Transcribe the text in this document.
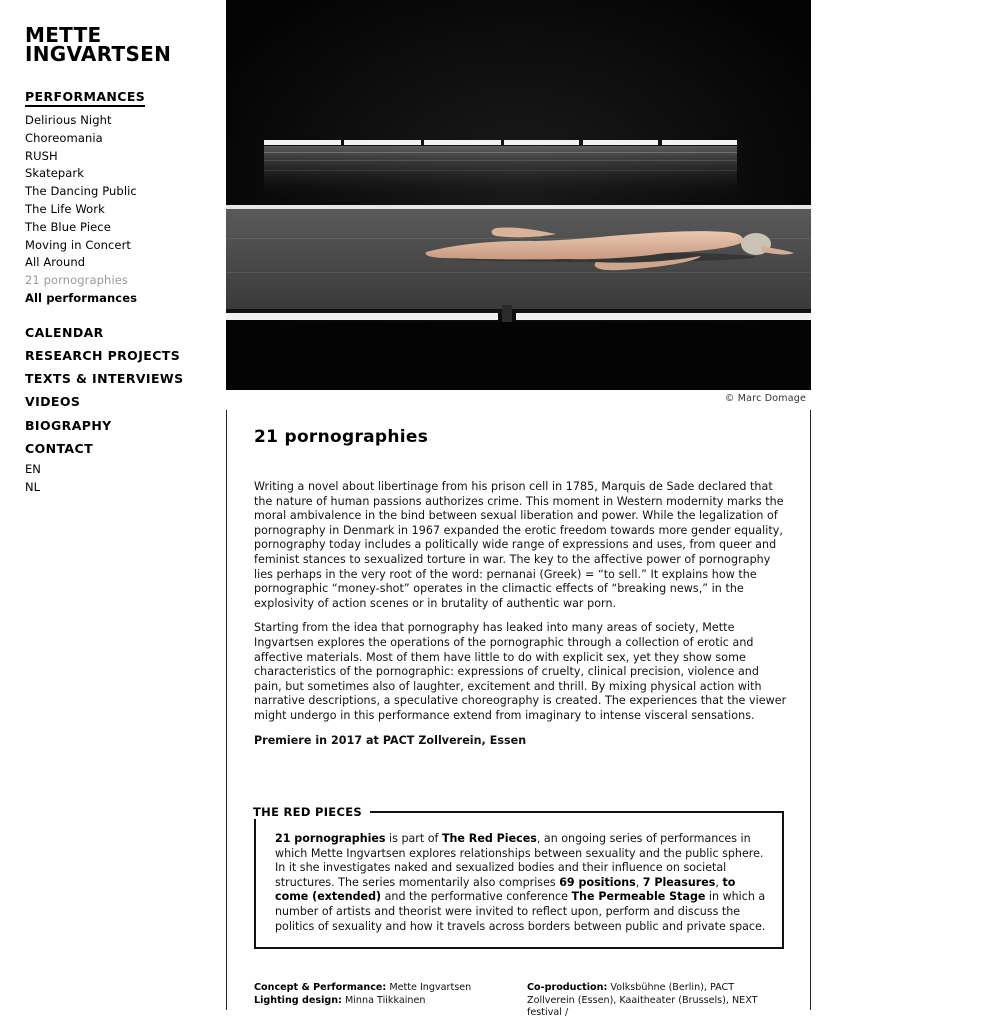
METTE
INGVARTSEN
PERFORMANCES
Delirious Night
Choreomania
RUSH
Skatepark
The Dancing Public
The Life Work
The Blue Piece
Moving in Concert
All Around
21 pornographies
All performances
CALENDAR
RESEARCH PROJECTS
TEXTS & INTERVIEWS
VIDEOS
BIOGRAPHY
CONTACT
EN
NL
© Marc Domage
21 pornographies

Writing a novel about libertinage from his prison cell in 1785, Marquis de Sade declared that the nature of human passions authorizes crime. This moment in Western modernity marks the moral ambivalence in the bind between sexual liberation and power. While the legalization of pornography in Denmark in 1967 expanded the erotic freedom towards more gender equality, pornography today includes a politically wide range of expressions and uses, from queer and feminist stances to sexualized torture in war. The key to the affective power of pornography lies perhaps in the very root of the word: pernanai (Greek) = “to sell.” It explains how the pornographic “money-shot” operates in the climactic effects of “breaking news,” in the explosivity of action scenes or in brutality of authentic war porn.

Starting from the idea that pornography has leaked into many areas of society, Mette Ingvartsen explores the operations of the pornographic through a collection of erotic and affective materials. Most of them have little to do with explicit sex, yet they show some characteristics of the pornographic: expressions of cruelty, clinical precision, violence and pain, but sometimes also of laughter, excitement and thrill. By mixing physical action with narrative descriptions, a speculative choreography is created. The experiences that the viewer might undergo in this performance extend from imaginary to intense visceral sensations.

Premiere in 2017 at PACT Zollverein, Essen

THE RED PIECES
21 pornographies is part of The Red Pieces, an ongoing series of performances in which Mette Ingvartsen explores relationships between sexuality and the public sphere. In it she investigates naked and sexualized bodies and their influence on societal structures. The series momentarily also comprises 69 positions, 7 Pleasures, to come (extended) and the performative conference The Permeable Stage in which a number of artists and theorist were invited to reflect upon, perform and discuss the politics of sexuality and how it travels across borders between public and private space.
Concept & Performance: Mette Ingvartsen
Lighting design: Minna Tiikkainen
Co-production: Volksbühne (Berlin), PACT Zollverein (Essen), Kaaitheater (Brussels), NEXT festival /
